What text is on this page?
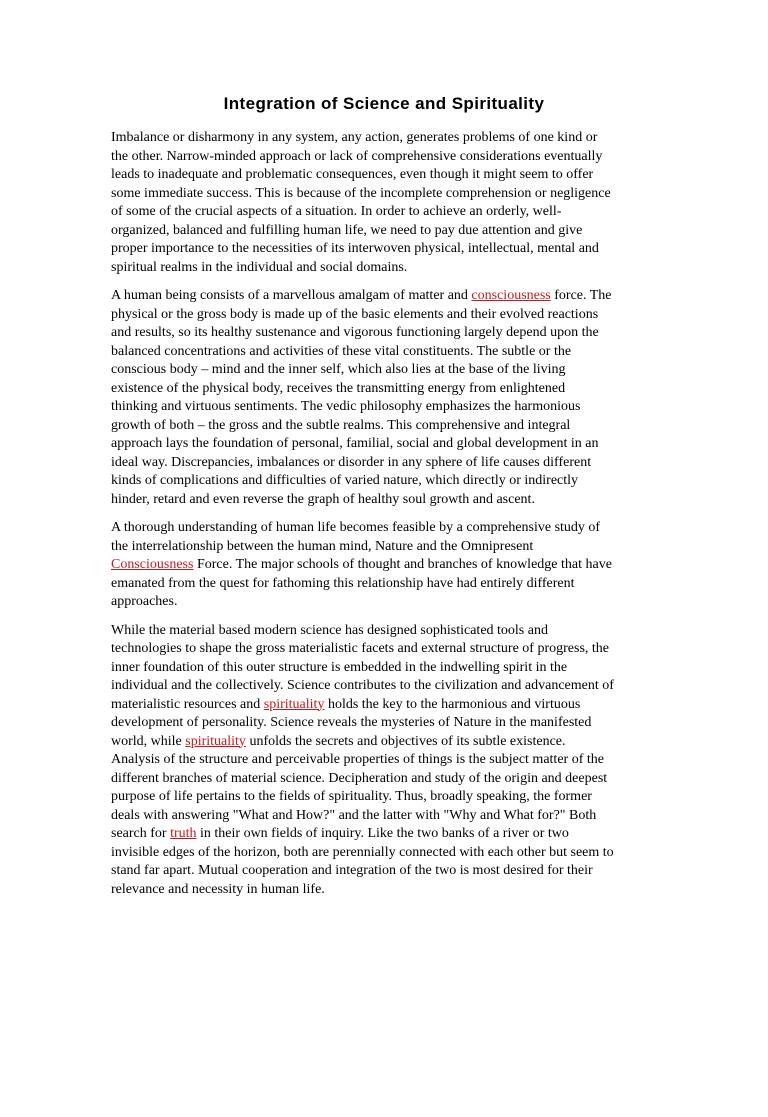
Integration of Science and Spirituality
Imbalance or disharmony in any system, any action, generates problems of one kind or
the other. Narrow-minded approach or lack of comprehensive considerations eventually
leads to inadequate and problematic consequences, even though it might seem to offer
some immediate success. This is because of the incomplete comprehension or negligence
of some of the crucial aspects of a situation. In order to achieve an orderly, well-
organized, balanced and fulfilling human life, we need to pay due attention and give
proper importance to the necessities of its interwoven physical, intellectual, mental and
spiritual realms in the individual and social domains.
A human being consists of a marvellous amalgam of matter and consciousness force. The
physical or the gross body is made up of the basic elements and their evolved reactions
and results, so its healthy sustenance and vigorous functioning largely depend upon the
balanced concentrations and activities of these vital constituents. The subtle or the
conscious body – mind and the inner self, which also lies at the base of the living
existence of the physical body, receives the transmitting energy from enlightened
thinking and virtuous sentiments. The vedic philosophy emphasizes the harmonious
growth of both – the gross and the subtle realms. This comprehensive and integral
approach lays the foundation of personal, familial, social and global development in an
ideal way. Discrepancies, imbalances or disorder in any sphere of life causes different
kinds of complications and difficulties of varied nature, which directly or indirectly
hinder, retard and even reverse the graph of healthy soul growth and ascent.
A thorough understanding of human life becomes feasible by a comprehensive study of
the interrelationship between the human mind, Nature and the Omnipresent
Consciousness Force. The major schools of thought and branches of knowledge that have
emanated from the quest for fathoming this relationship have had entirely different
approaches.
While the material based modern science has designed sophisticated tools and
technologies to shape the gross materialistic facets and external structure of progress, the
inner foundation of this outer structure is embedded in the indwelling spirit in the
individual and the collectively. Science contributes to the civilization and advancement of
materialistic resources and spirituality holds the key to the harmonious and virtuous
development of personality. Science reveals the mysteries of Nature in the manifested
world, while spirituality unfolds the secrets and objectives of its subtle existence.
Analysis of the structure and perceivable properties of things is the subject matter of the
different branches of material science. Decipheration and study of the origin and deepest
purpose of life pertains to the fields of spirituality. Thus, broadly speaking, the former
deals with answering "What and How?" and the latter with "Why and What for?" Both
search for truth in their own fields of inquiry. Like the two banks of a river or two
invisible edges of the horizon, both are perennially connected with each other but seem to
stand far apart. Mutual cooperation and integration of the two is most desired for their
relevance and necessity in human life.
